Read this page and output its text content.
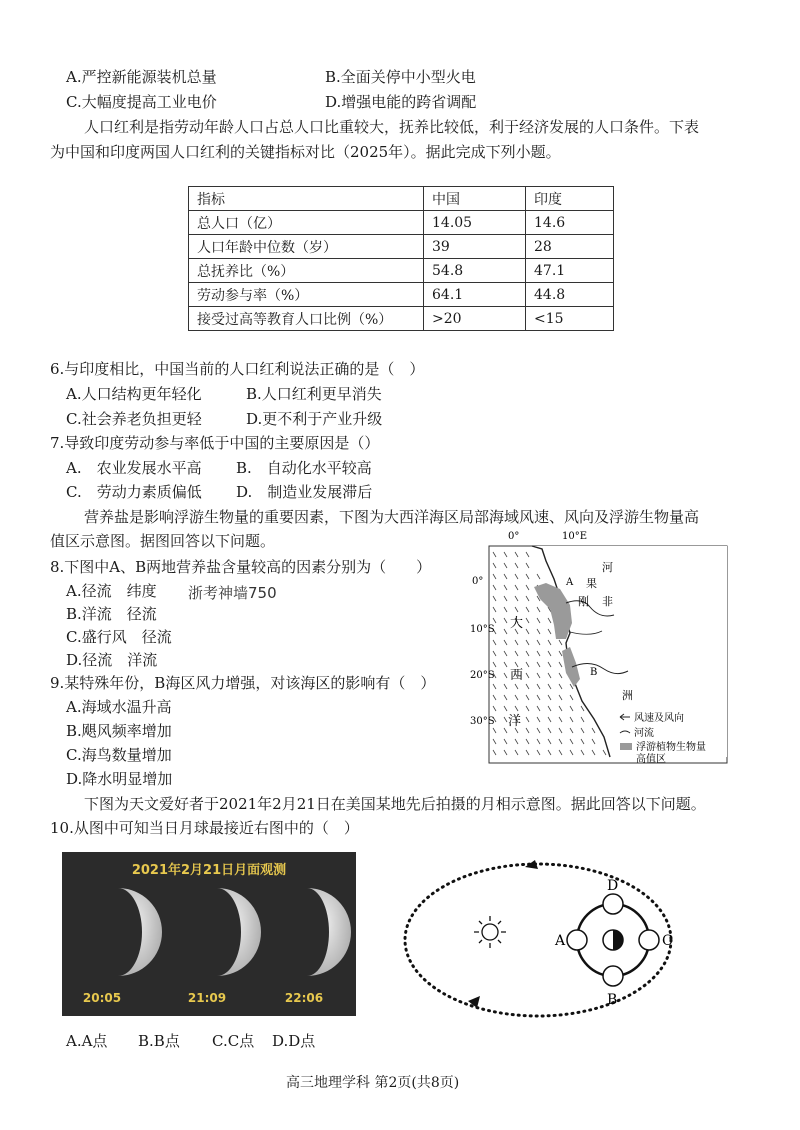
A.严控新能源装机总量	B.全面关停中小型火电
C.大幅度提高工业电价	D.增强电能的跨省调配
人口红利是指劳动年龄人口占总人口比重较大，抚养比较低，利于经济发展的人口条件。下表
为中国和印度两国人口红利的关键指标对比（2025年）。据此完成下列小题。
指标	中国	印度
总人口（亿）	14.05	14.6
人口年龄中位数（岁）	39	28
总抚养比（%）	54.8	47.1
劳动参与率（%）	64.1	44.8
接受过高等教育人口比例（%）	>20	<15
6.与印度相比，中国当前的人口红利说法正确的是（　）
A.人口结构更年轻化	B.人口红利更早消失
C.社会养老负担更轻	D.更不利于产业升级
7.导致印度劳动参与率低于中国的主要原因是（）
A.　农业发展水平高 B.　自动化水平较高
C.　劳动力素质偏低 D.　制造业发展滞后
营养盐是影响浮游生物量的重要因素，下图为大西洋海区局部海域风速、风向及浮游生物量高
值区示意图。据图回答以下问题。
8.下图中A、B两地营养盐含量较高的因素分别为（　　）
A.径流　纬度 浙考神墙750
B.洋流　径流
C.盛行风　径流
D.径流　洋流
9.某特殊年份，B海区风力增强，对该海区的影响有（　）
A.海域水温升高
B.飓风频率增加
C.海鸟数量增加
D.降水明显增加
0°	10°E
0°
10°S
20°S
30°S
大
西
洋
刚
果
河
非
洲
A
B
风速及风向
河流
浮游植物生物量
高值区
下图为天文爱好者于2021年2月21日在美国某地先后拍摄的月相示意图。据此回答以下问题。
10.从图中可知当日月球最接近右图中的（　）
2021年2月21日月面观测
20:05	21:09	22:06
A
B
C
D
A.A点 B.B点 C.C点 D.D点
高三地理学科 第2页(共8页)
